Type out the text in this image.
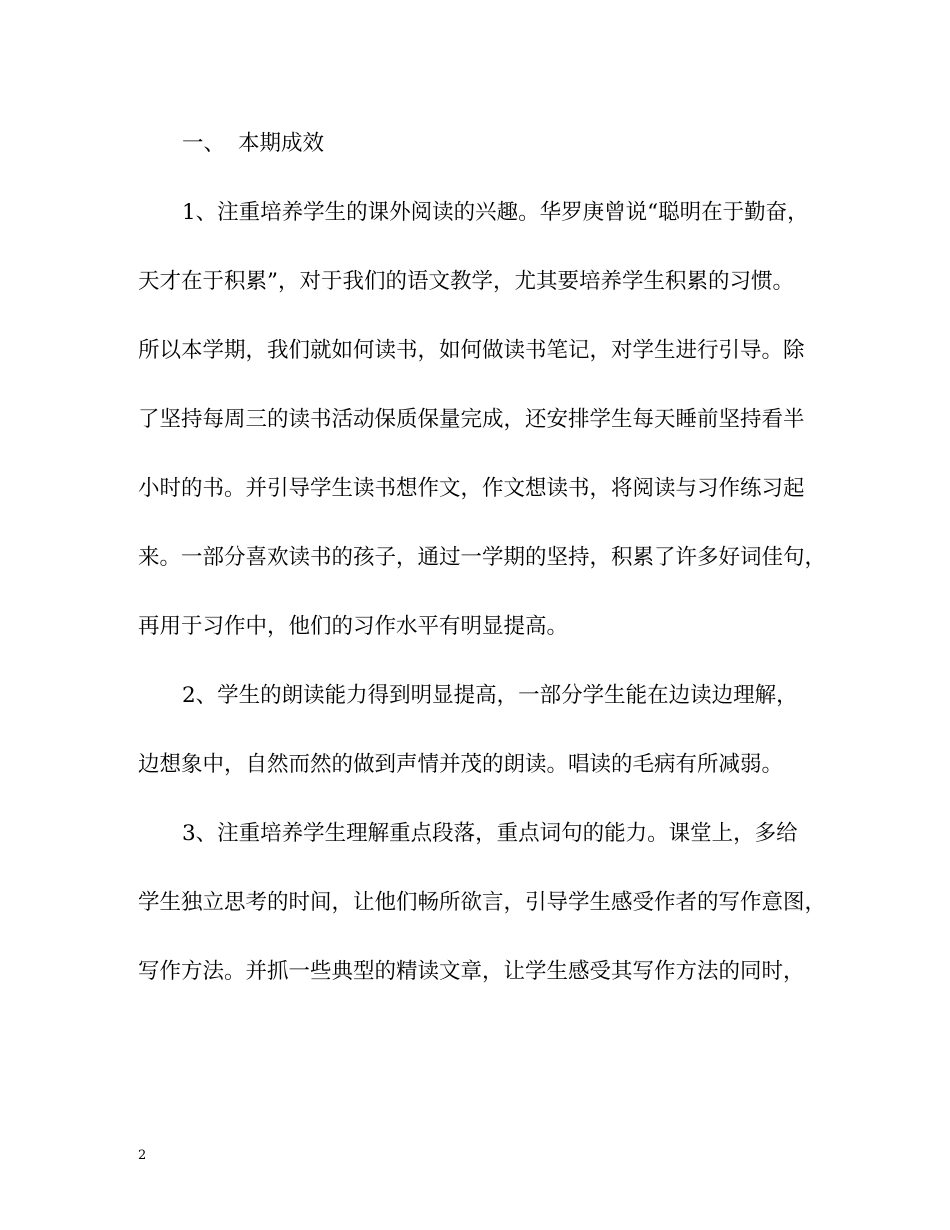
一、 本期成效
1、注重培养学生的课外阅读的兴趣。华罗庚曾说“聪明在于勤奋，
天才在于积累”，对于我们的语文教学，尤其要培养学生积累的习惯。
所以本学期，我们就如何读书，如何做读书笔记，对学生进行引导。除
了坚持每周三的读书活动保质保量完成，还安排学生每天睡前坚持看半
小时的书。并引导学生读书想作文，作文想读书，将阅读与习作练习起
来。一部分喜欢读书的孩子，通过一学期的坚持，积累了许多好词佳句，
再用于习作中，他们的习作水平有明显提高。
2、学生的朗读能力得到明显提高，一部分学生能在边读边理解，
边想象中，自然而然的做到声情并茂的朗读。唱读的毛病有所减弱。
3、注重培养学生理解重点段落，重点词句的能力。课堂上，多给
学生独立思考的时间，让他们畅所欲言，引导学生感受作者的写作意图，
写作方法。并抓一些典型的精读文章，让学生感受其写作方法的同时，
2
